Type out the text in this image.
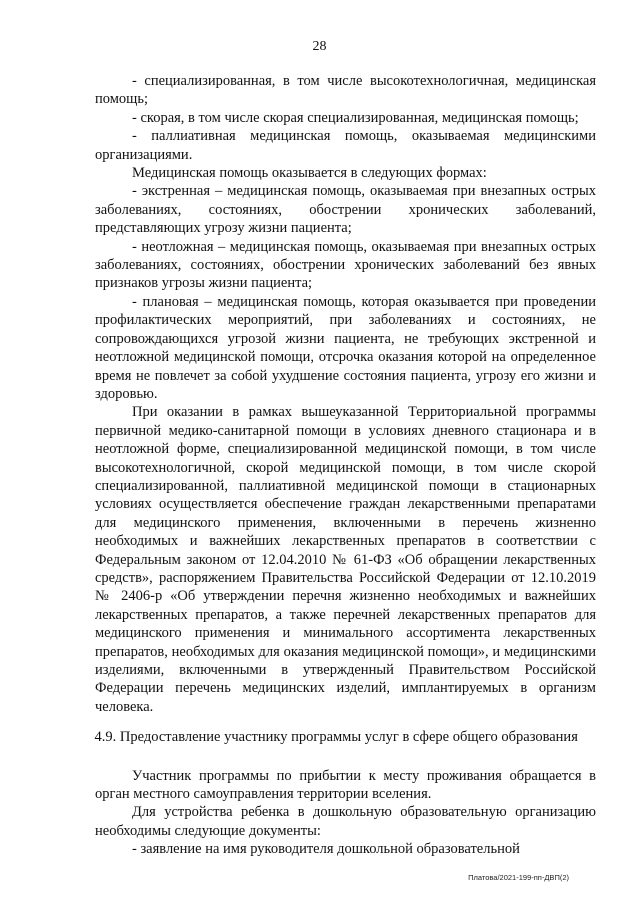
28

- специализированная, в том числе высокотехнологичная, медицинская помощь;

- скорая, в том числе скорая специализированная, медицинская помощь;

- паллиативная медицинская помощь, оказываемая медицинскими организациями.

Медицинская помощь оказывается в следующих формах:

- экстренная – медицинская помощь, оказываемая при внезапных острых заболеваниях, состояниях, обострении хронических заболеваний, представляющих угрозу жизни пациента;

- неотложная – медицинская помощь, оказываемая при внезапных острых заболеваниях, состояниях, обострении хронических заболеваний без явных признаков угрозы жизни пациента;

- плановая – медицинская помощь, которая оказывается при проведении профилактических мероприятий, при заболеваниях и состояниях, не сопровождающихся угрозой жизни пациента, не требующих экстренной и неотложной медицинской помощи, отсрочка оказания которой на определенное время не повлечет за собой ухудшение состояния пациента, угрозу его жизни и здоровью.

При оказании в рамках вышеуказанной Территориальной программы первичной медико-санитарной помощи в условиях дневного стационара и в неотложной форме, специализированной медицинской помощи, в том числе высокотехнологичной, скорой медицинской помощи, в том числе скорой специализированной, паллиативной медицинской помощи в стационарных условиях осуществляется обеспечение граждан лекарственными препаратами для медицинского применения, включенными в перечень жизненно необходимых и важнейших лекарственных препаратов в соответствии с Федеральным законом от 12.04.2010 № 61-ФЗ «Об обращении лекарственных средств», распоряжением Правительства Российской Федерации от 12.10.2019 № 2406-р «Об утверждении перечня жизненно необходимых и важнейших лекарственных препаратов, а также перечней лекарственных препаратов для медицинского применения и минимального ассортимента лекарственных препаратов, необходимых для оказания медицинской помощи», и медицинскими изделиями, включенными в утвержденный Правительством Российской Федерации перечень медицинских изделий, имплантируемых в организм человека.

4.9. Предоставление участнику программы услуг в сфере общего образования

Участник программы по прибытии к месту проживания обращается в орган местного самоуправления территории вселения.

Для устройства ребенка в дошкольную образовательную организацию необходимы следующие документы:

- заявление на имя руководителя дошкольной образовательной

Платова/2021-199-пп-ДВП(2)
